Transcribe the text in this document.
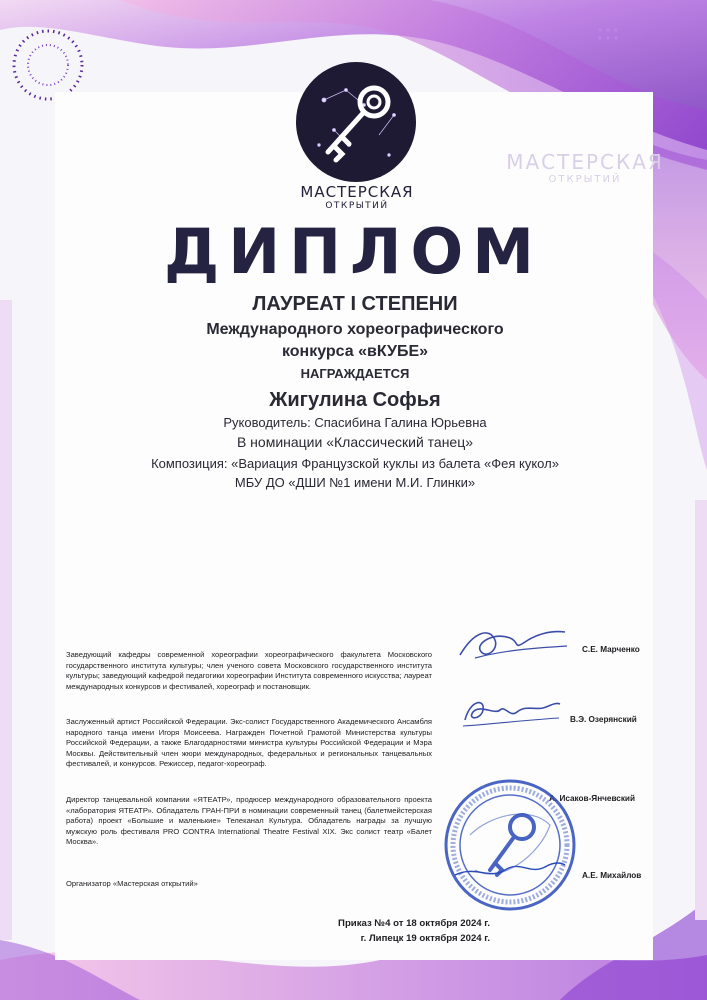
МАСТЕРСКАЯ
ОТКРЫТИЙ
МАСТЕРСКАЯ
ОТКРЫТИЙ
ДИПЛОМ
ЛАУРЕАТ I СТЕПЕНИ
Международного хореографического
конкурса «вКУБЕ»
НАГРАЖДАЕТСЯ
Жигулина Софья
Руководитель: Спасибина Галина Юрьевна
В номинации «Классический танец»
Композиция: «Вариация Французской куклы из балета «Фея кукол»
МБУ ДО «ДШИ №1 имени М.И. Глинки»
Заведующий кафедры современной хореографии хореографического факультета Московского государственного института культуры; член ученого совета Московского государственного института культуры; заведующий кафедрой педагогики хореографии Института современного искусства; лауреат международных конкурсов и фестивалей, хореограф и постановщик.
Заслуженный артист Российской Федерации. Экс-солист Государственного Академического Ансамбля народного танца имени Игоря Моисеева. Награжден Почетной Грамотой Министерства культуры Российской Федерации, а также Благодарностями министра культуры Российской Федерации и Мэра Москвы. Действительный член жюри международных, федеральных и региональных танцевальных фестивалей, и конкурсов. Режиссер, педагог-хореограф.
Директор танцевальной компании «ЯТЕАТР», продюсер международного образовательного проекта «лаборатория ЯТЕАТР». Обладатель ГРАН-ПРИ в номинации современный танец (балетмейстерская работа) проект «Большие и маленькие» Телеканал Культура. Обладатель награды за лучшую мужскую роль фестиваля PRO CONTRA International Theatre Festival XIX. Экс солист театр «Балет Москва».
Организатор «Мастерская открытий»
С.Е. Марченко
В.Э. Озерянский
А. Исаков-Янчевский
А.Е. Михайлов
Приказ №4 от 18 октября 2024 г.
г. Липецк 19 октября 2024 г.
